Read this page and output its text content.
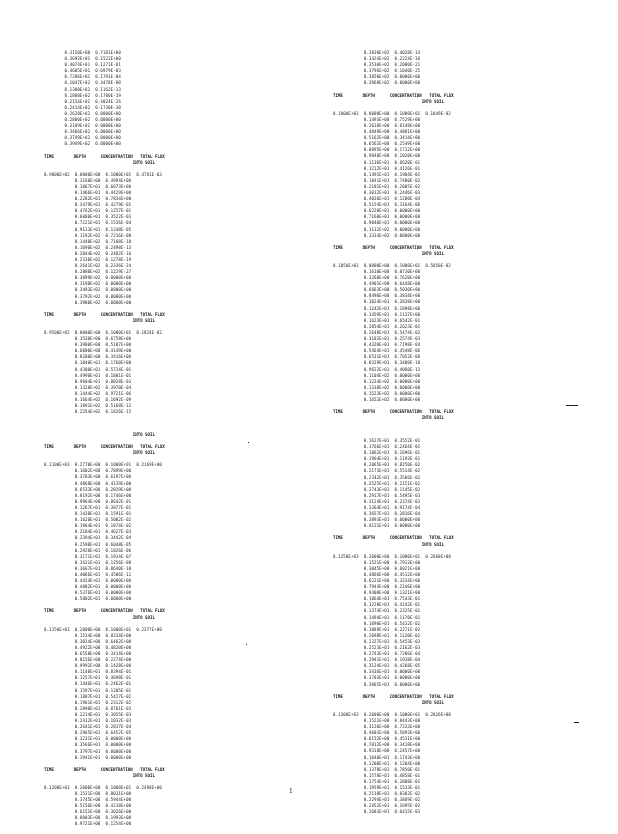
0.3150E+00  0.7181E+00
0.3692E+01  0.1522E+00
0.4074E+01  0.1271E-01
0.4605E+01  0.6979E-03
0.7286E+01  0.1791E-04
0.1047E+02  0.4478E-08
0.1380E+02  0.1162E-13
0.1888E+02  0.1780E-19
0.2154E+02  0.4024E-26
0.2414E+02  0.1730E-30
0.2628E+02  0.0000E+00
0.2800E+02  0.0000E+00
0.3189E+02  0.0000E+00
0.3466E+02  0.0000E+00
0.3749E+02  0.0000E+00
0.3949E+02  0.0000E+00
TIME        DEPTH      CONCENTRATION   TOTAL FLUX
INTO SOIL
0.9000E+02  0.0000E+00  0.1000E+01  0.4781E-03
0.3160E+00  0.4994E+00
0.1067E+01  0.6073E+00
0.1466E+01  0.4429E+00
0.2282E+01  0.7834E+00
0.3479E+01  0.4279E-01
0.4762E+01  0.1257E-01
0.6080E+01  0.3522E-03
0.7221E+01  0.1536E-04
0.9133E+01  0.1248E-05
0.1192E+02  0.7216E-08
0.1440E+02  0.7168E-10
0.1690E+02  0.2498E-13
0.2044E+02  0.2482E-16
0.2330E+02  0.1278E-19
0.2641E+02  0.2336E-24
0.2880E+02  0.1229E-27
0.3099E+02  0.0000E+00
0.3190E+02  0.0000E+00
0.3493E+02  0.0000E+00
0.3792E+02  0.0000E+00
0.3980E+02  0.0000E+00
TIME        DEPTH      CONCENTRATION   TOTAL FLUX
INTO SOIL
0.9500E+02  0.0000E+00  0.1000E+01  0.1824E-02
0.1530E+00  0.6758E+00
0.3900E+00  0.5107E+00
0.6000E+00  0.4149E+00
0.8200E+00  0.3416E+00
0.1040E+01  0.1760E+00
0.4300E+01  0.5714E-01
0.4990E+01  0.1801E-01
0.9604E+01  0.8028E-03
0.1328E+02  0.3970E-04
0.1444E+02  0.9721E-06
0.1664E+02  0.1692E-09
0.1891E+02  0.5168E-12
0.2254E+02  0.1826E-15
0.3830E+02  0.4028E-14
0.3424E+02  0.2224E-16
0.3530E+02  0.2080E-21
0.3796E+02  0.1040E-25
0.3850E+02  0.0000E+00
0.3968E+02  0.0000E+00
TIME        DEPTH      CONCENTRATION   TOTAL FLUX
INTO SOIL
0.1000E+03  0.0000E+00  0.1000E+01  0.1049E-02
0.1493E+00  0.7529E+00
0.2618E+00  0.6148E+00
0.4049E+00  0.4881E+00
0.5162E+00  0.3414E+00
0.6562E+00  0.2549E+00
0.8095E+00  0.1712E+00
0.9848E+00  0.1020E+00
0.1136E+01  0.6620E-01
0.1212E+01  0.4126E-01
0.1491E+01  0.1904E-01
0.1841E+01  0.7480E-02
0.2181E+01  0.2005E-02
0.3012E+01  0.2446E-03
0.4026E+01  0.1280E-04
0.5154E+01  0.3164E-06
0.6220E+01  0.0000E+00
0.7160E+01  0.0000E+00
0.9040E+01  0.0000E+00
0.1132E+02  0.0000E+00
0.1334E+02  0.0000E+00
TIME        DEPTH      CONCENTRATION   TOTAL FLUX
INTO SOIL
0.1050E+03  0.0000E+00  0.1000E+01  0.5850E-02
0.1610E+00  0.8730E+00
0.3260E+00  0.7620E+00
0.4901E+00  0.6448E+00
0.6663E+00  0.5030E+00
0.8490E+00  0.3834E+00
0.1024E+01  0.2838E+00
0.1242E+01  0.1898E+00
0.1459E+01  0.1137E+00
0.1623E+01  0.6542E-01
0.2054E+01  0.2623E-01
0.2648E+01  0.5474E-02
0.3102E+01  0.2574E-03
0.4320E+01  0.7198E-04
0.5464E+01  0.4548E-06
0.6531E+01  0.7052E-08
0.8329E+01  0.3400E-10
0.9622E+01  0.4060E-13
0.1104E+02  0.0000E+00
0.1224E+02  0.0000E+00
0.1338E+02  0.0000E+00
0.1523E+02  0.0000E+00
0.1652E+02  0.0000E+00
TIME        DEPTH      CONCENTRATION   TOTAL FLUX
INTO SOIL
INTO SOIL
TIME        DEPTH      CONCENTRATION   TOTAL FLUX
INTO SOIL
0.1100E+03  0.2770E+00  0.1000E+01  0.2169E+00
0.1602E+00  0.7899E+00
0.3783E+00  0.6197E+00
0.4868E+00  0.4139E+00
0.6533E+00  0.2829E+00
0.8192E+00  0.1746E+00
0.9964E+00  0.8642E-01
0.1267E+01  0.3877E-01
0.1420E+01  0.1591E-01
0.1620E+01  0.5002E-02
0.1964E+01  0.1874E-02
0.2184E+01  0.4627E-03
0.2394E+01  0.3442E-04
0.2590E+01  0.6048E-05
0.2928E+01  0.1826E-06
0.3171E+01  0.1914E-07
0.3421E+01  0.1256E-08
0.3667E+01  0.8640E-10
0.4066E+01  0.4506E-11
0.4424E+01  0.0000E+00
0.4882E+01  0.0000E+00
0.5376E+01  0.0000E+00
0.5802E+01  0.0000E+00
TIME        DEPTH      CONCENTRATION   TOTAL FLUX
INTO SOIL
0.1150E+03  0.2000E+00  0.1000E+01  0.2277E+00
0.1534E+00  0.8234E+00
0.3024E+00  0.6462E+00
0.4922E+00  0.4820E+00
0.6558E+00  0.3414E+00
0.8156E+00  0.2274E+00
0.9992E+00  0.1428E+00
0.1140E+01  0.8394E-01
0.1257E+01  0.4698E-01
0.1446E+01  0.2462E-01
0.1597E+01  0.1205E-01
0.1807E+01  0.5427E-02
0.1961E+01  0.2312E-02
0.2098E+01  0.8761E-03
0.2214E+01  0.3055E-03
0.2412E+01  0.1032E-03
0.2641E+01  0.2837E-04
0.2965E+01  0.6452E-05
0.3231E+01  0.0000E+00
0.3566E+01  0.0000E+00
0.3797E+01  0.0000E+00
0.3941E+01  0.0000E+00
TIME        DEPTH      CONCENTRATION   TOTAL FLUX
INTO SOIL
0.1200E+03  0.2000E+00  0.1000E+01  0.2490E+00
0.1521E+00  0.8031E+00
0.3745E+00  0.5944E+00
0.5156E+00  0.4218E+00
0.6151E+00  0.3026E+00
0.8003E+00  0.1993E+00
0.9721E+00  0.1254E+00
0.1627E+01  0.3552E-01
0.1766E+01  0.2464E-01
0.1862E+01  0.1696E-01
0.1964E+01  0.1193E-01
0.2065E+01  0.8250E-02
0.2173E+01  0.5514E-02
0.2342E+01  0.3566E-02
0.2525E+01  0.2151E-02
0.2743E+01  0.1145E-02
0.2917E+01  0.5495E-03
0.3124E+01  0.2374E-03
0.3364E+01  0.9174E-04
0.3657E+01  0.2816E-04
0.3893E+01  0.0000E+00
0.4121E+01  0.0000E+00
TIME        DEPTH      CONCENTRATION   TOTAL FLUX
INTO SOIL
0.1250E+03  0.2000E+00  0.1000E+01  0.2668E+00
0.1521E+00  0.7913E+00
0.3045E+00  0.6021E+00
0.4866E+00  0.4512E+00
0.6221E+00  0.3234E+00
0.7944E+00  0.2146E+00
0.9408E+00  0.1321E+00
0.1064E+01  0.7543E-01
0.1228E+01  0.4242E-01
0.1374E+01  0.2325E-01
0.1494E+01  0.1170E-01
0.1690E+01  0.5432E-02
0.1889E+01  0.2271E-02
0.2098E+01  0.1120E-02
0.2327E+01  0.5453E-03
0.2523E+01  0.2162E-03
0.2743E+01  0.7206E-04
0.2941E+01  0.1938E-04
0.3124E+01  0.4268E-05
0.3436E+01  0.0000E+00
0.3703E+01  0.0000E+00
0.3965E+01  0.0000E+00
TIME        DEPTH      CONCENTRATION   TOTAL FLUX
INTO SOIL
0.1300E+03  0.2000E+00  0.1000E+01  0.2826E+00
0.1521E+00  0.8443E+00
0.3126E+00  0.7233E+00
0.4603E+00  0.5893E+00
0.6152E+00  0.4531E+00
0.7812E+00  0.3418E+00
0.9318E+00  0.2457E+00
0.1040E+01  0.1743E+00
0.1200E+01  0.1204E+00
0.1378E+01  0.7850E-01
0.1578E+01  0.4858E-01
0.1754E+01  0.2888E-01
0.1959E+01  0.1533E-01
0.2118E+01  0.8302E-02
0.2294E+01  0.3869E-02
0.2452E+01  0.1695E-02
0.2683E+01  0.6415E-03
1
